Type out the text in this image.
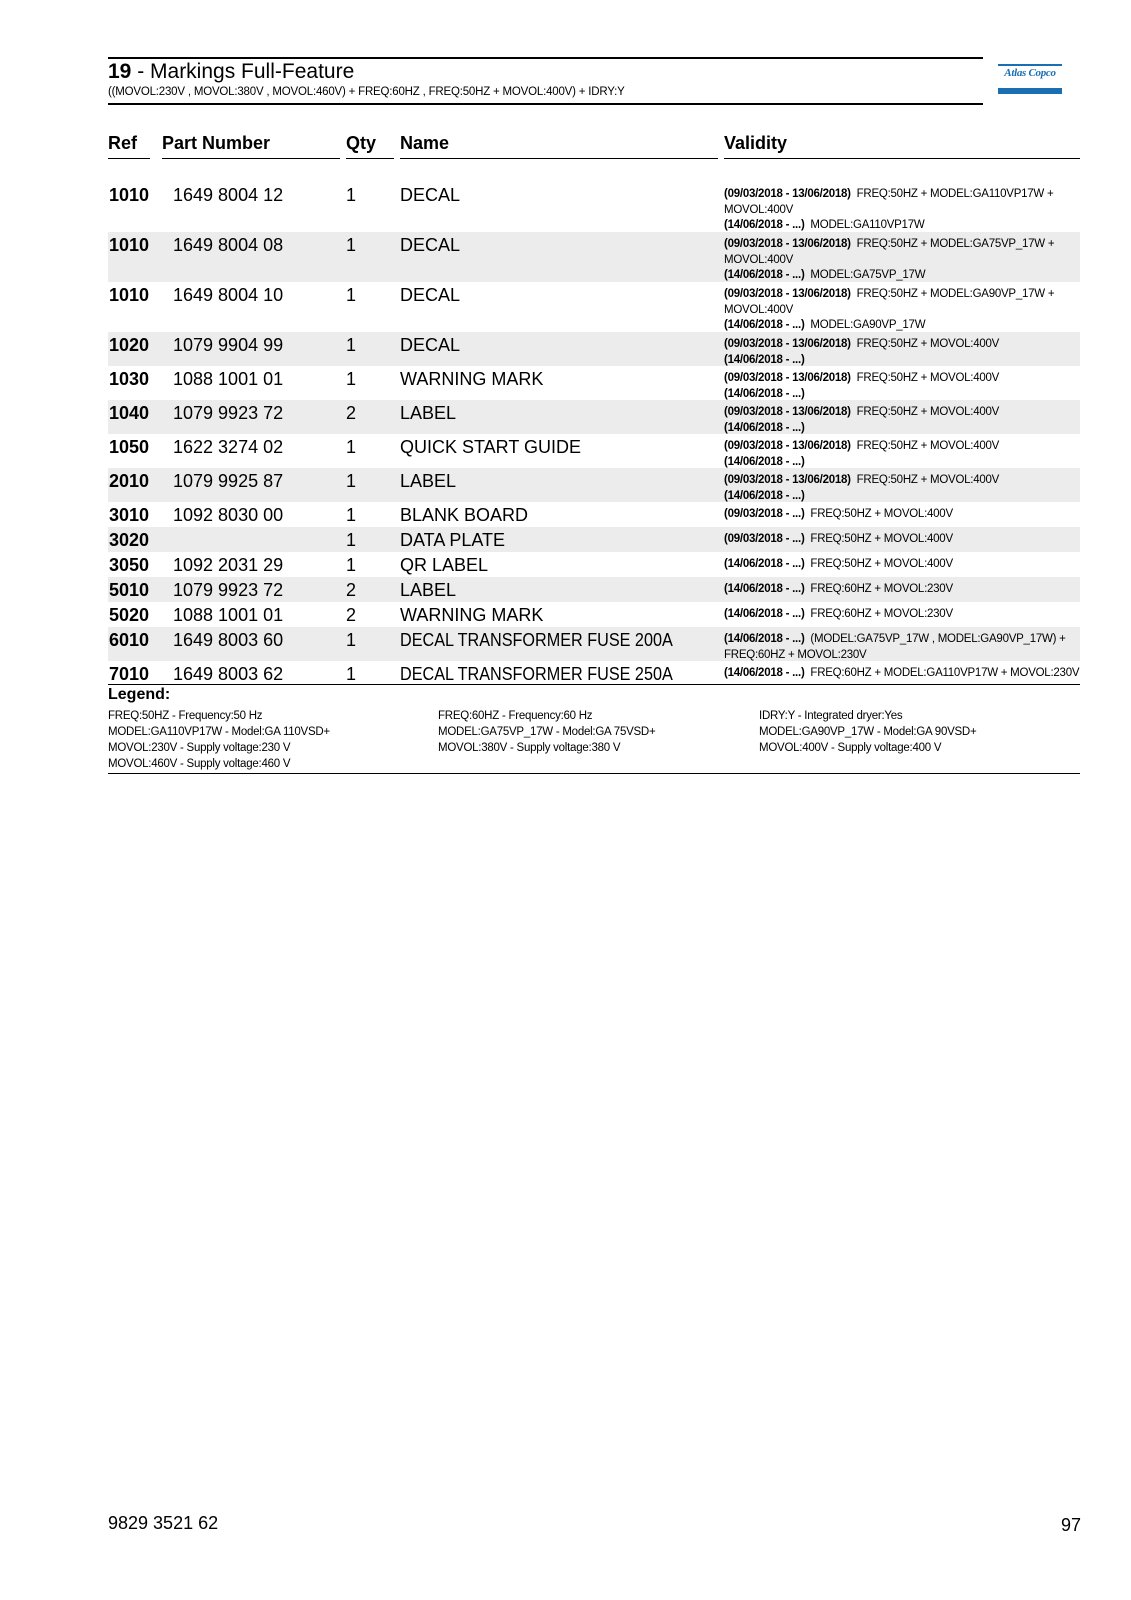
19 - Markings Full-Feature
((MOVOL:230V , MOVOL:380V , MOVOL:460V) + FREQ:60HZ , FREQ:50HZ + MOVOL:400V) + IDRY:Y
Atlas Copco
Ref Part Number	Qty Name	Validity
1010 1649 8004 12	1 DECAL	(09/03/2018 - 13/06/2018) FREQ:50HZ + MODEL:GA110VP17W +
MOVOL:400V
(14/06/2018 - ...) MODEL:GA110VP17W
1010 1649 8004 08	1 DECAL	(09/03/2018 - 13/06/2018) FREQ:50HZ + MODEL:GA75VP_17W +
MOVOL:400V
(14/06/2018 - ...) MODEL:GA75VP_17W
1010 1649 8004 10	1 DECAL	(09/03/2018 - 13/06/2018) FREQ:50HZ + MODEL:GA90VP_17W +
MOVOL:400V
(14/06/2018 - ...) MODEL:GA90VP_17W
1020 1079 9904 99	1 DECAL	(09/03/2018 - 13/06/2018) FREQ:50HZ + MOVOL:400V
(14/06/2018 - ...)
1030 1088 1001 01	1 WARNING MARK	(09/03/2018 - 13/06/2018) FREQ:50HZ + MOVOL:400V
(14/06/2018 - ...)
1040 1079 9923 72	2 LABEL	(09/03/2018 - 13/06/2018) FREQ:50HZ + MOVOL:400V
(14/06/2018 - ...)
1050 1622 3274 02	1 QUICK START GUIDE	(09/03/2018 - 13/06/2018) FREQ:50HZ + MOVOL:400V
(14/06/2018 - ...)
2010 1079 9925 87	1 LABEL	(09/03/2018 - 13/06/2018) FREQ:50HZ + MOVOL:400V
(14/06/2018 - ...)
3010 1092 8030 00	1 BLANK BOARD	(09/03/2018 - ...) FREQ:50HZ + MOVOL:400V
3020	1 DATA PLATE	(09/03/2018 - ...) FREQ:50HZ + MOVOL:400V
3050 1092 2031 29	1 QR LABEL	(14/06/2018 - ...) FREQ:50HZ + MOVOL:400V
5010 1079 9923 72	2 LABEL	(14/06/2018 - ...) FREQ:60HZ + MOVOL:230V
5020 1088 1001 01	2 WARNING MARK	(14/06/2018 - ...) FREQ:60HZ + MOVOL:230V
6010 1649 8003 60	1 DECAL TRANSFORMER FUSE 200A	(14/06/2018 - ...) (MODEL:GA75VP_17W , MODEL:GA90VP_17W) +
FREQ:60HZ + MOVOL:230V
7010 1649 8003 62	1 DECAL TRANSFORMER FUSE 250A	(14/06/2018 - ...) FREQ:60HZ + MODEL:GA110VP17W + MOVOL:230V
Legend:
FREQ:50HZ - Frequency:50 Hz
MODEL:GA110VP17W - Model:GA 110VSD+
MOVOL:230V - Supply voltage:230 V
MOVOL:460V - Supply voltage:460 V
FREQ:60HZ - Frequency:60 Hz
MODEL:GA75VP_17W - Model:GA 75VSD+
MOVOL:380V - Supply voltage:380 V
IDRY:Y - Integrated dryer:Yes
MODEL:GA90VP_17W - Model:GA 90VSD+
MOVOL:400V - Supply voltage:400 V
9829 3521 62	97
